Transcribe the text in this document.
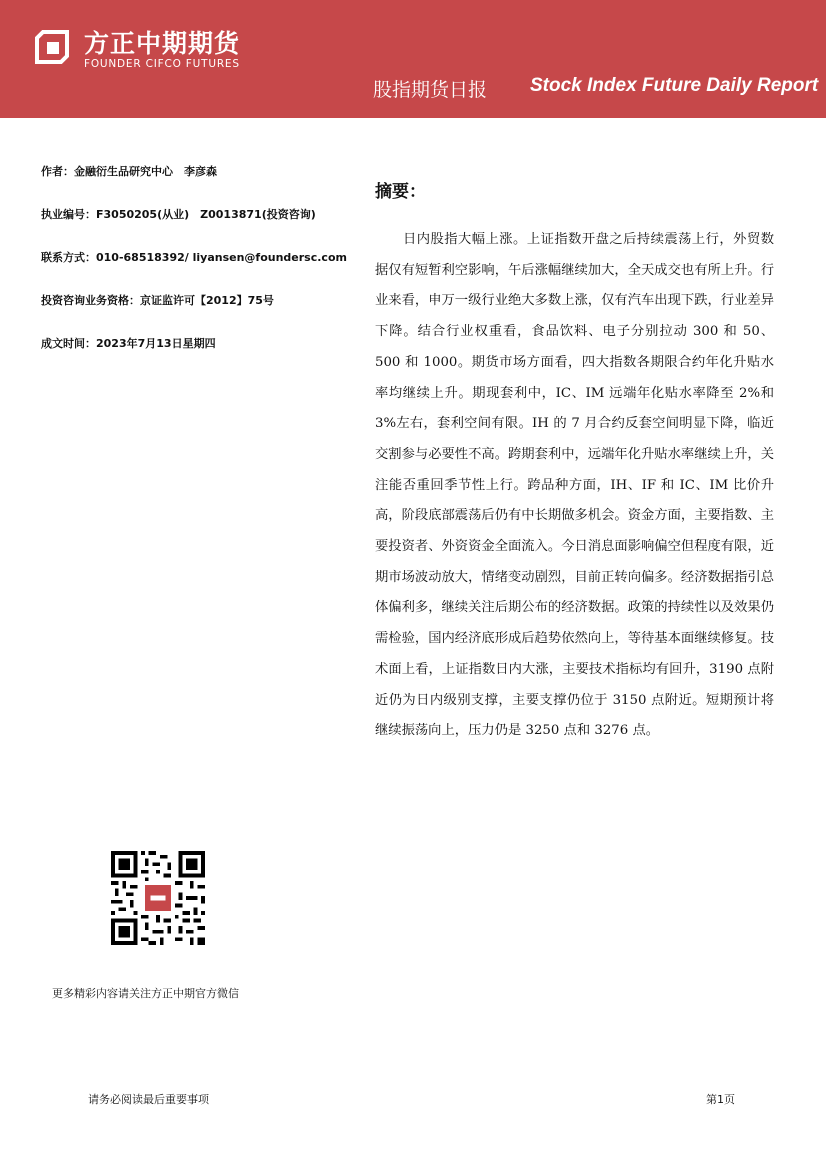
方正中期期货
FOUNDER CIFCO FUTURES
股指期货日报 Stock Index Future Daily Report
作者：金融衍生品研究中心　李彦森
执业编号：F3050205(从业)　Z0013871(投资咨询)
联系方式：010-68518392/ liyansen@foundersc.com
投资咨询业务资格：京证监许可【2012】75号
成文时间：2023年7月13日星期四
摘要：

日内股指大幅上涨。上证指数开盘之后持续震荡上行，外贸数据仅有短暂利空影响，午后涨幅继续加大，全天成交也有所上升。行业来看，申万一级行业绝大多数上涨，仅有汽车出现下跌，行业差异下降。结合行业权重看，食品饮料、电子分别拉动 300 和 50、500 和 1000。期货市场方面看，四大指数各期限合约年化升贴水率均继续上升。期现套利中，IC、IM 远端年化贴水率降至 2%和 3%左右，套利空间有限。IH 的 7 月合约反套空间明显下降，临近交割参与必要性不高。跨期套利中，远端年化升贴水率继续上升，关注能否重回季节性上行。跨品种方面，IH、IF 和 IC、IM 比价升高，阶段底部震荡后仍有中长期做多机会。资金方面，主要指数、主要投资者、外资资金全面流入。今日消息面影响偏空但程度有限，近期市场波动放大，情绪变动剧烈，目前正转向偏多。经济数据指引总体偏利多，继续关注后期公布的经济数据。政策的持续性以及效果仍需检验，国内经济底形成后趋势依然向上，等待基本面继续修复。技术面上看，上证指数日内大涨，主要技术指标均有回升，3190 点附近仍为日内级别支撑，主要支撑仍位于 3150 点附近。短期预计将继续振荡向上，压力仍是 3250 点和 3276 点。

更多精彩内容请关注方正中期官方微信
请务必阅读最后重要事项	第1页
